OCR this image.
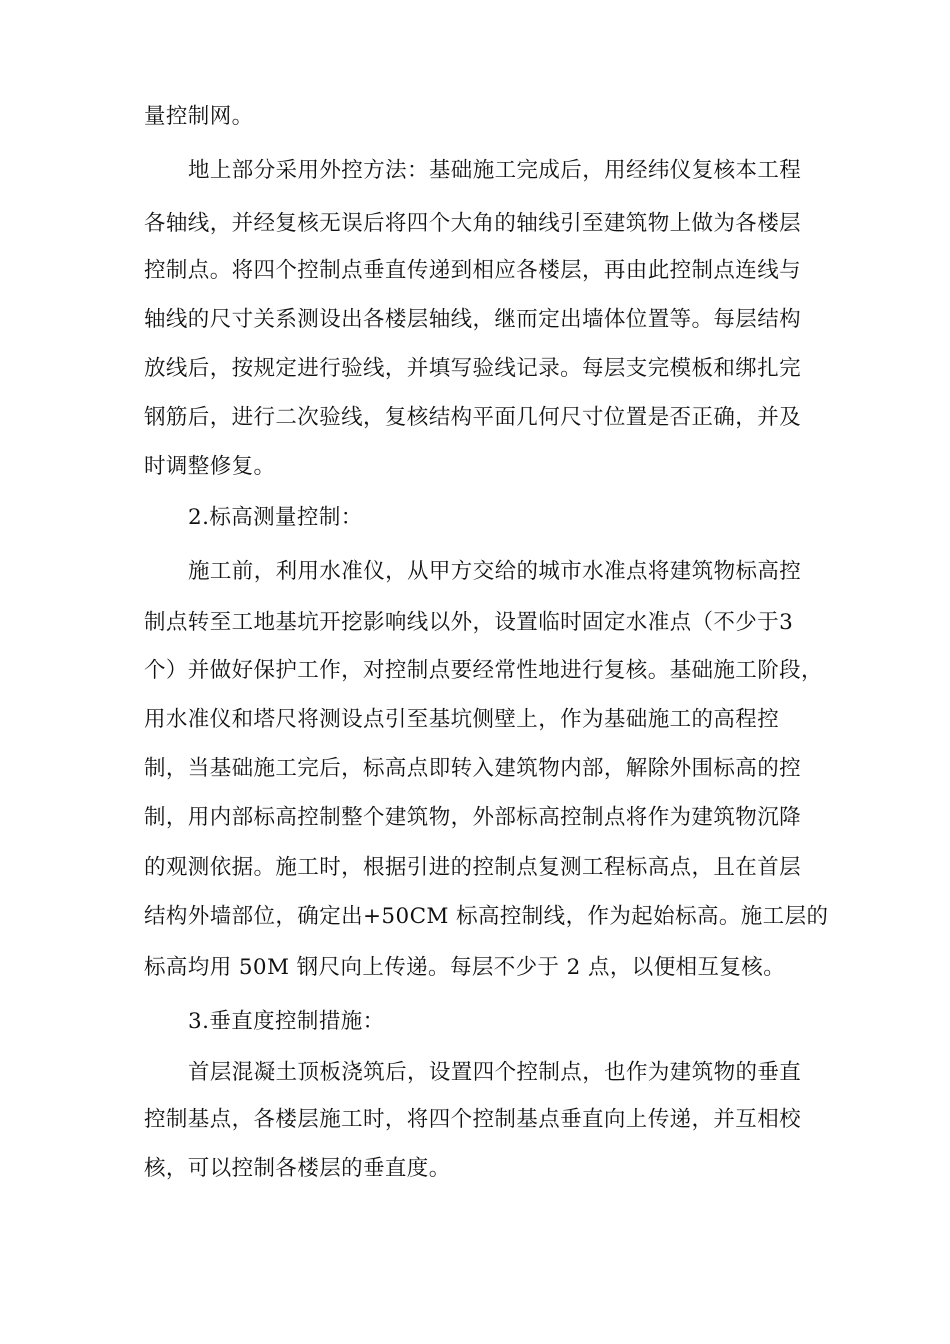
量控制网。
地上部分采用外控方法：基础施工完成后，用经纬仪复核本工程
各轴线，并经复核无误后将四个大角的轴线引至建筑物上做为各楼层
控制点。将四个控制点垂直传递到相应各楼层，再由此控制点连线与
轴线的尺寸关系测设出各楼层轴线，继而定出墙体位置等。每层结构
放线后，按规定进行验线，并填写验线记录。每层支完模板和绑扎完
钢筋后，进行二次验线，复核结构平面几何尺寸位置是否正确，并及
时调整修复。
2.标高测量控制：
施工前，利用水准仪，从甲方交给的城市水准点将建筑物标高控
制点转至工地基坑开挖影响线以外，设置临时固定水准点（不少于3
个）并做好保护工作，对控制点要经常性地进行复核。基础施工阶段，
用水准仪和塔尺将测设点引至基坑侧壁上，作为基础施工的高程控
制，当基础施工完后，标高点即转入建筑物内部，解除外围标高的控
制，用内部标高控制整个建筑物，外部标高控制点将作为建筑物沉降
的观测依据。施工时，根据引进的控制点复测工程标高点，且在首层
结构外墙部位，确定出+50CM 标高控制线，作为起始标高。施工层的
标高均用 50M 钢尺向上传递。每层不少于 2 点，以便相互复核。
3.垂直度控制措施：
首层混凝土顶板浇筑后，设置四个控制点，也作为建筑物的垂直
控制基点，各楼层施工时，将四个控制基点垂直向上传递，并互相校
核，可以控制各楼层的垂直度。
